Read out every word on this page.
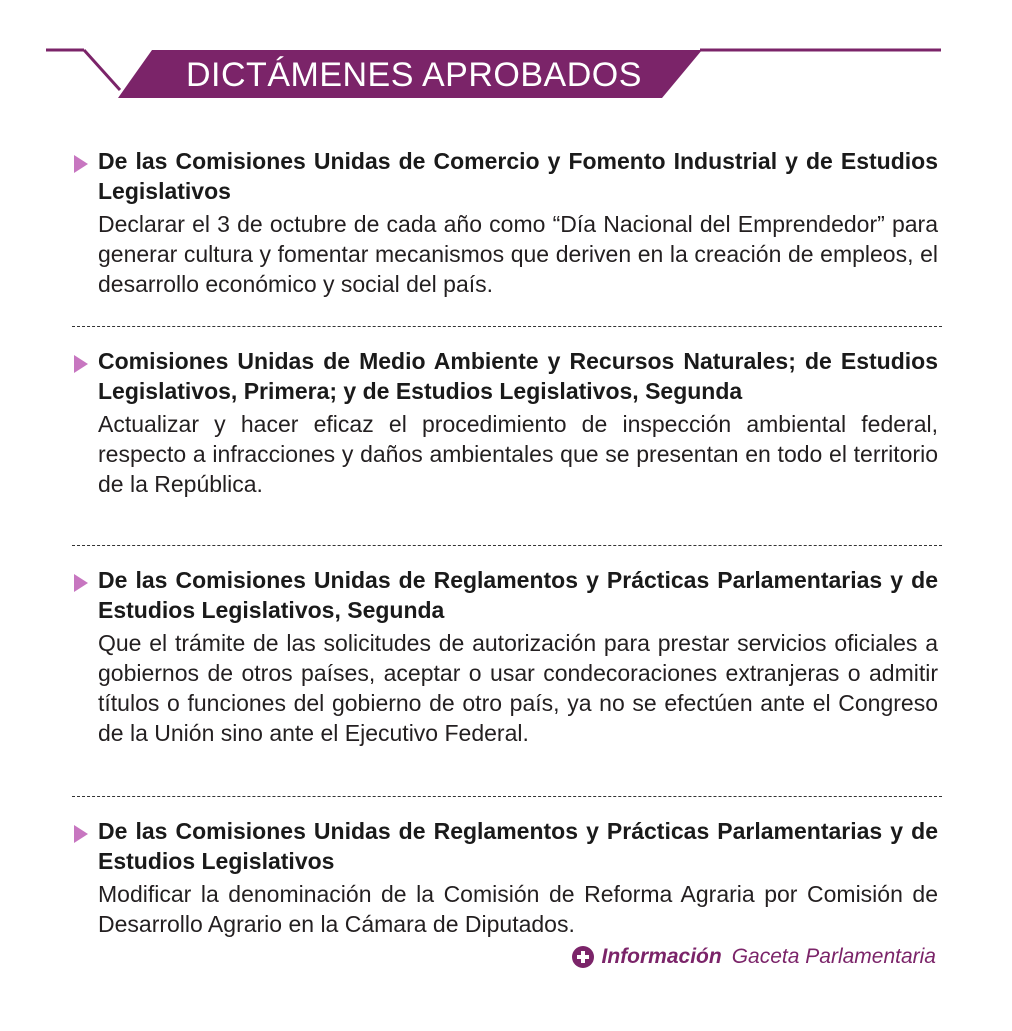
DICTÁMENES APROBADOS

De las Comisiones Unidas de Comercio y Fomento Industrial y de Estudios Legislativos

Declarar el 3 de octubre de cada año como “Día Nacional del Emprendedor” para generar cultura y fomentar mecanismos que deriven en la creación de empleos, el desarrollo económico y social del país.

Comisiones Unidas de Medio Ambiente y Recursos Naturales; de Estudios Legislativos, Primera; y de Estudios Legislativos, Segunda

Actualizar y hacer eficaz el procedimiento de inspección ambiental federal, respecto a infracciones y daños ambientales que se presentan en todo el territorio de la República.

De las Comisiones Unidas de Reglamentos y Prácticas Parlamentarias y de Estudios Legislativos, Segunda

Que el trámite de las solicitudes de autorización para prestar servicios oficiales a gobiernos de otros países, aceptar o usar condecoraciones extranjeras o admitir títulos o funciones del gobierno de otro país, ya no se efectúen ante el Congreso de la Unión sino ante el Ejecutivo Federal.

De las Comisiones Unidas de Reglamentos y Prácticas Parlamentarias y de Estudios Legislativos

Modificar la denominación de la Comisión de Reforma Agraria por Comisión de Desarrollo Agrario en la Cámara de Diputados.

Información Gaceta Parlamentaria
